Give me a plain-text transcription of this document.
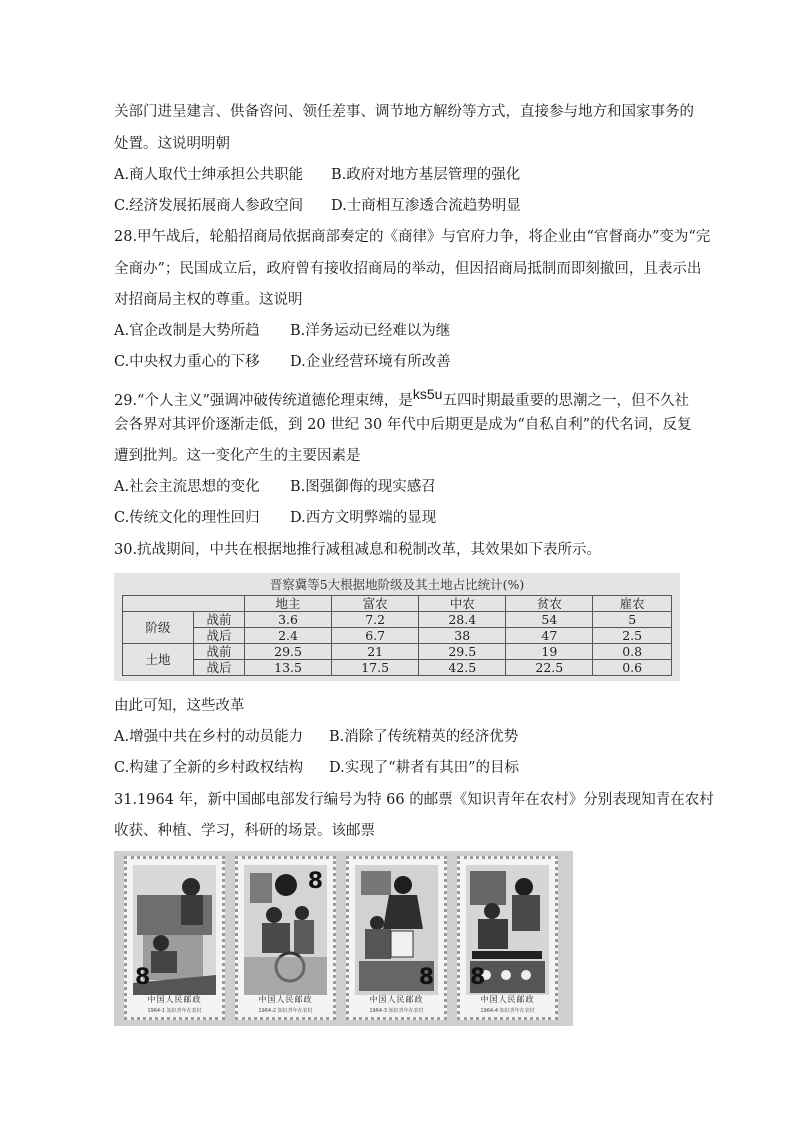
关部门进呈建言、供备咨问、领任差事、调节地方解纷等方式，直接参与地方和国家事务的
处置。这说明明朝
A.商人取代士绅承担公共职能 B.政府对地方基层管理的强化
C.经济发展拓展商人参政空间 D.士商相互渗透合流趋势明显
28.甲午战后，轮船招商局依据商部奏定的《商律》与官府力争，将企业由“官督商办”变为“完
全商办”；民国成立后，政府曾有接收招商局的举动，但因招商局抵制而即刻撤回，且表示出
对招商局主权的尊重。这说明
A.官企改制是大势所趋 B.洋务运动已经难以为继
C.中央权力重心的下移 D.企业经营环境有所改善
29.“个人主义”强调冲破传统道德伦理束缚，是$^{ks5u}$五四时期最重要的思潮之一，但不久社
会各界对其评价逐渐走低，到 20 世纪 30 年代中后期更是成为“自私自利”的代名词，反复
遭到批判。这一变化产生的主要因素是
A.社会主流思想的变化 B.图强御侮的现实感召
C.传统文化的理性回归 D.西方文明弊端的显现
30.抗战期间，中共在根据地推行减租减息和税制改革，其效果如下表所示。
晋察冀等5大根据地阶级及其土地占比统计(%)
		地主	富农	中农	贫农	雇农
阶级	战前	3.6	7.2	28.4	54	5
	战后	2.4	6.7	38	47	2.5
土地	战前	29.5	21	29.5	19	0.8
	战后	13.5	17.5	42.5	22.5	0.6
由此可知，这些改革
A.增强中共在乡村的动员能力 B.消除了传统精英的经济优势
C.构建了全新的乡村政权结构 D.实现了“耕者有其田”的目标
31.1964 年，新中国邮电部发行编号为特 66 的邮票《知识青年在农村》分别表现知青在农村
收获、种植、学习，科研的场景。该邮票
8
中国人民邮政
1964-1 知识青年在农村
8
中国人民邮政
1964-2 知识青年在农村
8
中国人民邮政
1964-3 知识青年在农村
8
中国人民邮政
1964-4 知识青年在农村
